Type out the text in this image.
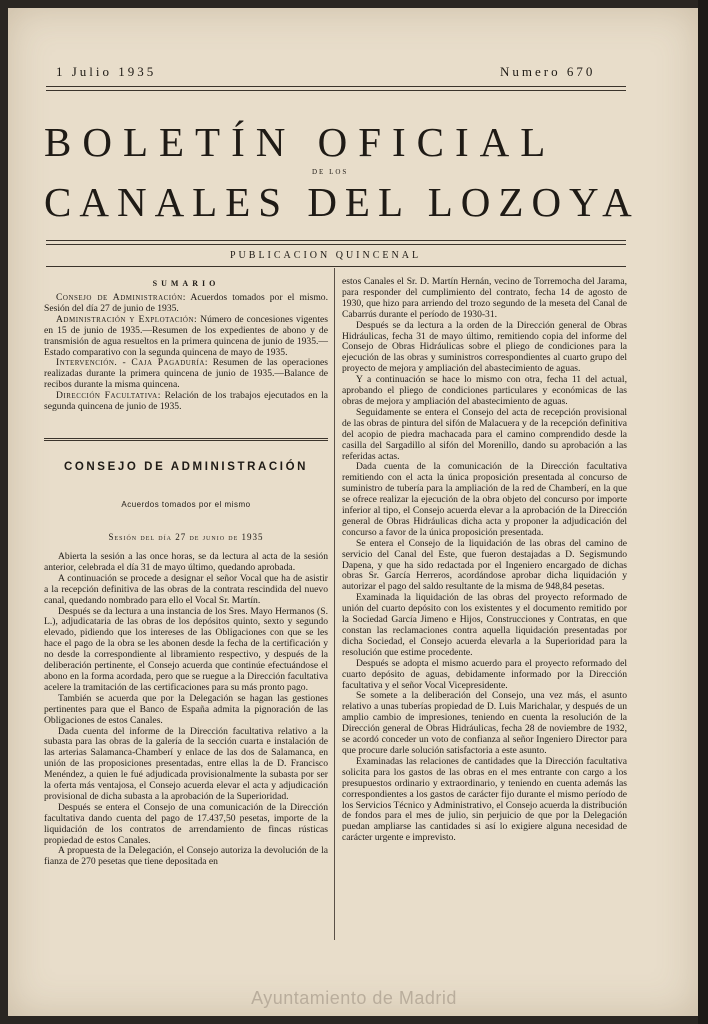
1 Julio 1935	Numero 670
BOLETÍN OFICIAL
DE LOS
CANALES DEL LOZOYA
PUBLICACION QUINCENAL
SUMARIO

Consejo de Administración: Acuerdos tomados por el mismo. Sesión del día 27 de junio de 1935.

Administración y Explotación: Número de concesiones vigentes en 15 de junio de 1935.—Resumen de los expedientes de abono y de transmisión de agua resueltos en la primera quincena de junio de 1935.—Estado comparativo con la segunda quincena de mayo de 1935.

Intervención. - Caja Pagaduría: Resumen de las operaciones realizadas durante la primera quincena de junio de 1935.—Balance de recibos durante la misma quincena.

Dirección Facultativa: Relación de los trabajos ejecutados en la segunda quincena de junio de 1935.

CONSEJO DE ADMINISTRACIÓN
Acuerdos tomados por el mismo
Sesión del día 27 de junio de 1935

Abierta la sesión a las once horas, se da lectura al acta de la sesión anterior, celebrada el día 31 de mayo último, quedando aprobada.

A continuación se procede a designar el señor Vocal que ha de asistir a la recepción definitiva de las obras de la contrata rescindida del nuevo canal, quedando nombrado para ello el Vocal Sr. Martín.

Después se da lectura a una instancia de los Sres. Mayo Hermanos (S. L.), adjudicataria de las obras de los depósitos quinto, sexto y segundo elevado, pidiendo que los intereses de las Obligaciones con que se les hace el pago de la obra se les abonen desde la fecha de la certificación y no desde la correspondiente al libramiento respectivo, y después de la deliberación pertinente, el Consejo acuerda que continúe efectuándose el abono en la forma acordada, pero que se ruegue a la Dirección facultativa acelere la tramitación de las certificaciones para su más pronto pago.

También se acuerda que por la Delegación se hagan las gestiones pertinentes para que el Banco de España admita la pignoración de las Obligaciones de estos Canales.

Dada cuenta del informe de la Dirección facultativa relativo a la subasta para las obras de la galería de la sección cuarta e instalación de las arterias Salamanca-Chamberí y enlace de las dos de Salamanca, en unión de las proposiciones presentadas, entre ellas la de D. Francisco Menéndez, a quien le fué adjudicada provisionalmente la subasta por ser la oferta más ventajosa, el Consejo acuerda elevar el acta y adjudicación provisional de dicha subasta a la aprobación de la Superioridad.

Después se entera el Consejo de una comunicación de la Dirección facultativa dando cuenta del pago de 17.437,50 pesetas, importe de la liquidación de los contratos de arrendamiento de fincas rústicas propiedad de estos Canales.

A propuesta de la Delegación, el Consejo autoriza la devolución de la fianza de 270 pesetas que tiene depositada en

estos Canales el Sr. D. Martín Hernán, vecino de Torremocha del Jarama, para responder del cumplimiento del contrato, fecha 14 de agosto de 1930, que hizo para arriendo del trozo segundo de la meseta del Canal de Cabarrús durante el período de 1930-31.

Después se da lectura a la orden de la Dirección general de Obras Hidráulicas, fecha 31 de mayo último, remitiendo copia del informe del Consejo de Obras Hidráulicas sobre el pliego de condiciones para la ejecución de las obras y suministros correspondientes al cuarto grupo del proyecto de mejora y ampliación del abastecimiento de aguas.

Y a continuación se hace lo mismo con otra, fecha 11 del actual, aprobando el pliego de condiciones particulares y económicas de las obras de mejora y ampliación del abastecimiento de aguas.

Seguidamente se entera el Consejo del acta de recepción provisional de las obras de pintura del sifón de Malacuera y de la recepción definitiva del acopio de piedra machacada para el camino comprendido desde la casilla del Sargadillo al sifón del Morenillo, dando su aprobación a las referidas actas.

Dada cuenta de la comunicación de la Dirección facultativa remitiendo con el acta la única proposición presentada al concurso de suministro de tubería para la ampliación de la red de Chamberí, en la que se ofrece realizar la ejecución de la obra objeto del concurso por importe inferior al tipo, el Consejo acuerda elevar a la aprobación de la Dirección general de Obras Hidráulicas dicha acta y proponer la adjudicación del concurso a favor de la única proposición presentada.

Se entera el Consejo de la liquidación de las obras del camino de servicio del Canal del Este, que fueron destajadas a D. Segismundo Dapena, y que ha sido redactada por el Ingeniero encargado de dichas obras Sr. García Herreros, acordándose aprobar dicha liquidación y autorizar el pago del saldo resultante de la misma de 948,84 pesetas.

Examinada la liquidación de las obras del proyecto reformado de unión del cuarto depósito con los existentes y el documento remitido por la Sociedad García Jimeno e Hijos, Construcciones y Contratas, en que constan las reclamaciones contra aquella liquidación presentadas por dicha Sociedad, el Consejo acuerda elevarla a la Superioridad para la resolución que estime procedente.

Después se adopta el mismo acuerdo para el proyecto reformado del cuarto depósito de aguas, debidamente informado por la Dirección facultativa y el señor Vocal Vicepresidente.

Se somete a la deliberación del Consejo, una vez más, el asunto relativo a unas tuberías propiedad de D. Luis Marichalar, y después de un amplio cambio de impresiones, teniendo en cuenta la resolución de la Dirección general de Obras Hidráulicas, fecha 28 de noviembre de 1932, se acordó conceder un voto de confianza al señor Ingeniero Director para que procure darle solución satisfactoria a este asunto.

Examinadas las relaciones de cantidades que la Dirección facultativa solicita para los gastos de las obras en el mes entrante con cargo a los presupuestos ordinario y extraordinario, y teniendo en cuenta además las correspondientes a los gastos de carácter fijo durante el mismo período de los Servicios Técnico y Administrativo, el Consejo acuerda la distribución de fondos para el mes de julio, sin perjuicio de que por la Delegación puedan ampliarse las cantidades si así lo exigiere alguna necesidad de carácter urgente e imprevisto.

Ayuntamiento de Madrid
